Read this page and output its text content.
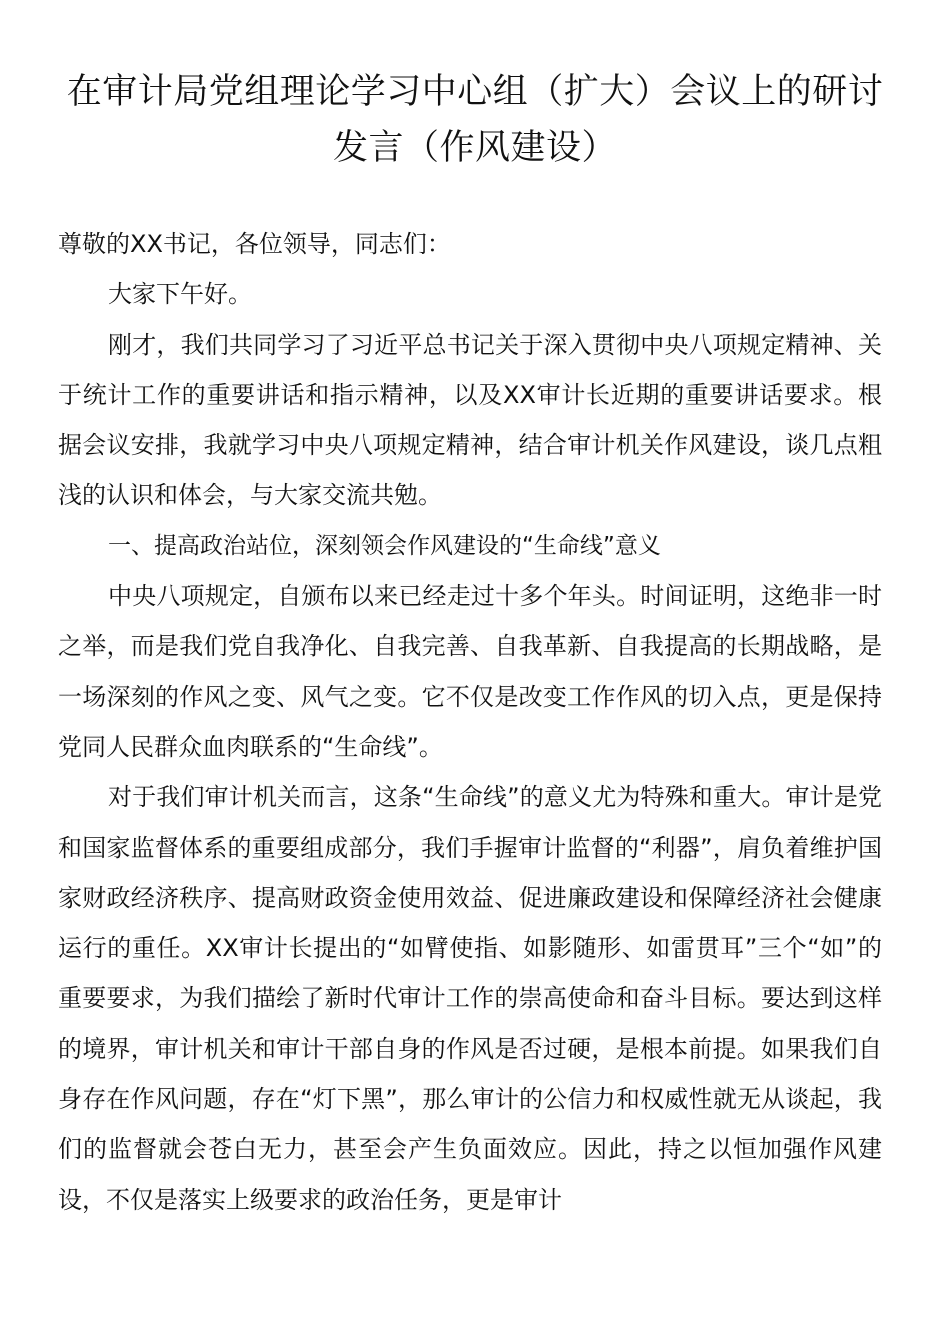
在审计局党组理论学习中心组（扩大）会议上的研讨发言（作风建设）

尊敬的XX书记，各位领导，同志们：

大家下午好。

刚才，我们共同学习了习近平总书记关于深入贯彻中央八项规定精神、关于统计工作的重要讲话和指示精神，以及XX审计长近期的重要讲话要求。根据会议安排，我就学习中央八项规定精神，结合审计机关作风建设，谈几点粗浅的认识和体会，与大家交流共勉。

一、提高政治站位，深刻领会作风建设的“生命线”意义

中央八项规定，自颁布以来已经走过十多个年头。时间证明，这绝非一时之举，而是我们党自我净化、自我完善、自我革新、自我提高的长期战略，是一场深刻的作风之变、风气之变。它不仅是改变工作作风的切入点，更是保持党同人民群众血肉联系的“生命线”。

对于我们审计机关而言，这条“生命线”的意义尤为特殊和重大。审计是党和国家监督体系的重要组成部分，我们手握审计监督的“利器”，肩负着维护国家财政经济秩序、提高财政资金使用效益、促进廉政建设和保障经济社会健康运行的重任。XX审计长提出的“如臂使指、如影随形、如雷贯耳”三个“如”的重要要求，为我们描绘了新时代审计工作的崇高使命和奋斗目标。要达到这样的境界，审计机关和审计干部自身的作风是否过硬，是根本前提。如果我们自身存在作风问题，存在“灯下黑”，那么审计的公信力和权威性就无从谈起，我们的监督就会苍白无力，甚至会产生负面效应。因此，持之以恒加强作风建设，不仅是落实上级要求的政治任务，更是审计
